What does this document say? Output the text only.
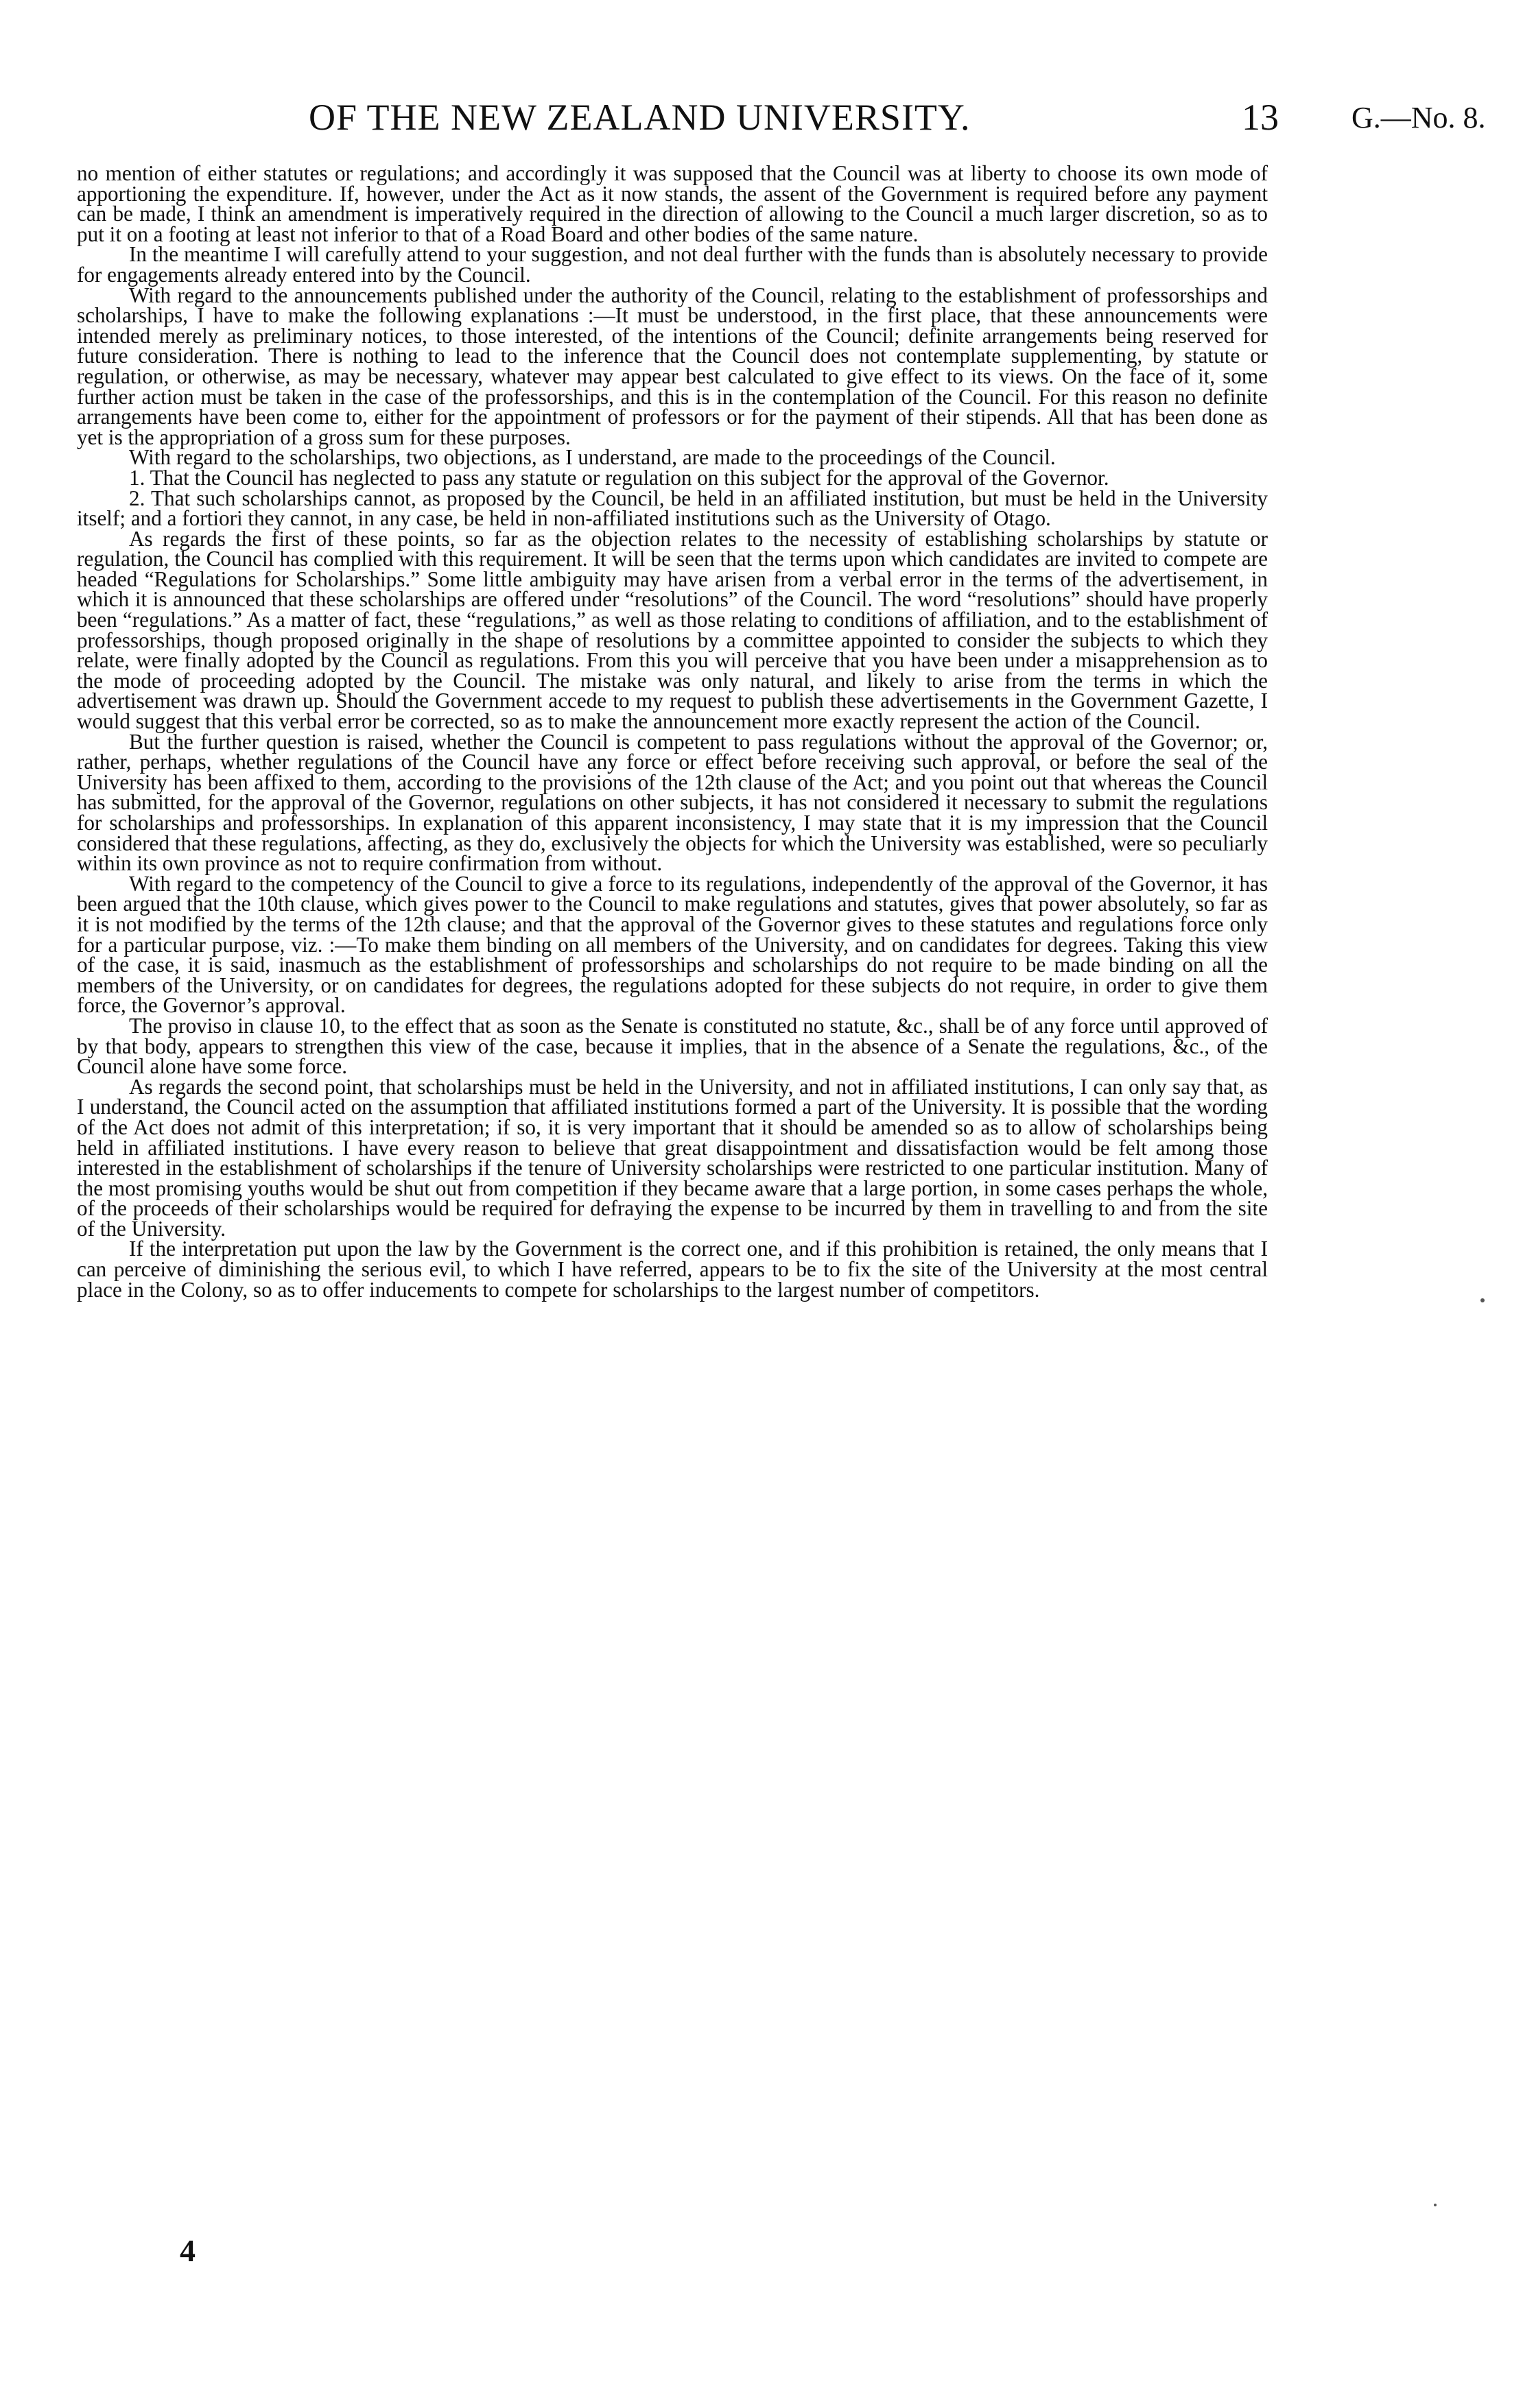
OF THE NEW ZEALAND UNIVERSITY.	13 G.—No. 8.

no mention of either statutes or regulations; and accordingly it was supposed that the Council was at liberty to choose its own mode of apportioning the expenditure. If, however, under the Act as it now stands, the assent of the Government is required before any payment can be made, I think an amendment is imperatively required in the direction of allowing to the Council a much larger discretion, so as to put it on a footing at least not inferior to that of a Road Board and other bodies of the same nature.

In the meantime I will carefully attend to your suggestion, and not deal further with the funds than is absolutely necessary to provide for engagements already entered into by the Council.

With regard to the announcements published under the authority of the Council, relating to the establishment of professorships and scholarships, I have to make the following explanations :—It must be understood, in the first place, that these announcements were intended merely as preliminary notices, to those interested, of the intentions of the Council; definite arrangements being reserved for future consideration. There is nothing to lead to the inference that the Council does not contemplate supplementing, by statute or regulation, or otherwise, as may be necessary, whatever may appear best calculated to give effect to its views. On the face of it, some further action must be taken in the case of the professorships, and this is in the contemplation of the Council. For this reason no definite arrangements have been come to, either for the appointment of professors or for the payment of their stipends. All that has been done as yet is the appropriation of a gross sum for these purposes.

With regard to the scholarships, two objections, as I understand, are made to the proceedings of the Council.

1. That the Council has neglected to pass any statute or regulation on this subject for the approval of the Governor.

2. That such scholarships cannot, as proposed by the Council, be held in an affiliated institution, but must be held in the University itself; and a fortiori they cannot, in any case, be held in non-affiliated institutions such as the University of Otago.

As regards the first of these points, so far as the objection relates to the necessity of establishing scholarships by statute or regulation, the Council has complied with this requirement. It will be seen that the terms upon which candidates are invited to compete are headed “Regulations for Scholarships.” Some little ambiguity may have arisen from a verbal error in the terms of the advertisement, in which it is announced that these scholarships are offered under “resolutions” of the Council. The word “resolutions” should have properly been “regulations.” As a matter of fact, these “regulations,” as well as those relating to conditions of affiliation, and to the establishment of professorships, though proposed originally in the shape of resolutions by a committee appointed to consider the subjects to which they relate, were finally adopted by the Council as regulations. From this you will perceive that you have been under a misapprehension as to the mode of proceeding adopted by the Council. The mistake was only natural, and likely to arise from the terms in which the advertisement was drawn up. Should the Government accede to my request to publish these advertisements in the Government Gazette, I would suggest that this verbal error be corrected, so as to make the announcement more exactly represent the action of the Council.

But the further question is raised, whether the Council is competent to pass regulations without the approval of the Governor; or, rather, perhaps, whether regulations of the Council have any force or effect before receiving such approval, or before the seal of the University has been affixed to them, according to the provisions of the 12th clause of the Act; and you point out that whereas the Council has submitted, for the approval of the Governor, regulations on other subjects, it has not considered it necessary to submit the regulations for scholarships and professorships. In explanation of this apparent inconsistency, I may state that it is my impression that the Council considered that these regulations, affecting, as they do, exclusively the objects for which the University was established, were so peculiarly within its own province as not to require confirmation from without.

With regard to the competency of the Council to give a force to its regulations, independently of the approval of the Governor, it has been argued that the 10th clause, which gives power to the Council to make regulations and statutes, gives that power absolutely, so far as it is not modified by the terms of the 12th clause; and that the approval of the Governor gives to these statutes and regulations force only for a particular purpose, viz. :—To make them binding on all members of the University, and on candidates for degrees. Taking this view of the case, it is said, inasmuch as the establishment of professorships and scholarships do not require to be made binding on all the members of the University, or on candidates for degrees, the regulations adopted for these subjects do not require, in order to give them force, the Governor’s approval.

The proviso in clause 10, to the effect that as soon as the Senate is constituted no statute, &c., shall be of any force until approved of by that body, appears to strengthen this view of the case, because it implies, that in the absence of a Senate the regulations, &c., of the Council alone have some force.

As regards the second point, that scholarships must be held in the University, and not in affiliated institutions, I can only say that, as I understand, the Council acted on the assumption that affiliated institutions formed a part of the University. It is possible that the wording of the Act does not admit of this interpretation; if so, it is very important that it should be amended so as to allow of scholarships being held in affiliated institutions. I have every reason to believe that great disappointment and dissatisfaction would be felt among those interested in the establishment of scholarships if the tenure of University scholarships were restricted to one particular institution. Many of the most promising youths would be shut out from competition if they became aware that a large portion, in some cases perhaps the whole, of the proceeds of their scholarships would be required for defraying the expense to be incurred by them in travelling to and from the site of the University.

If the interpretation put upon the law by the Government is the correct one, and if this prohibition is retained, the only means that I can perceive of diminishing the serious evil, to which I have referred, appears to be to fix the site of the University at the most central place in the Colony, so as to offer inducements to compete for scholarships to the largest number of competitors.

4
